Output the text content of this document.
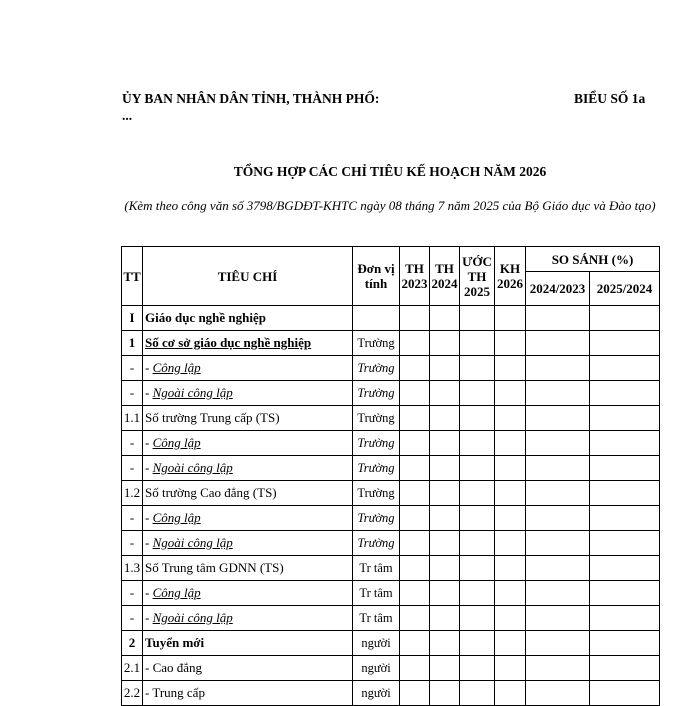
ỦY BAN NHÂN DÂN TỈNH, THÀNH PHỐ: ...
BIỂU SỐ 1a
TỔNG HỢP CÁC CHỈ TIÊU KẾ HOẠCH NĂM 2026
(Kèm theo công văn số 3798/BGDĐT-KHTC ngày 08 tháng 7 năm 2025 của Bộ Giáo dục và Đào tạo)
TT	TIÊU CHÍ	Đơn vị tính	TH 2023	TH 2024	ƯỚC TH 2025	KH 2026	SO SÁNH (%)	
							2024/2023	2025/2024
I	Giáo dục nghề nghiệp							
1	Số cơ sở giáo dục nghề nghiệp	Trường						
-	- Công lập	Trường						
-	- Ngoài công lập	Trường						
1.1	Số trường Trung cấp (TS)	Trường						
-	- Công lập	Trường						
-	- Ngoài công lập	Trường						
1.2	Số trường Cao đẳng (TS)	Trường						
-	- Công lập	Trường						
-	- Ngoài công lập	Trường						
1.3	Số Trung tâm GDNN (TS)	Tr tâm						
-	- Công lập	Tr tâm						
-	- Ngoài công lập	Tr tâm						
2	Tuyển mới	người						
2.1	- Cao đẳng	người						
2.2	- Trung cấp	người						
